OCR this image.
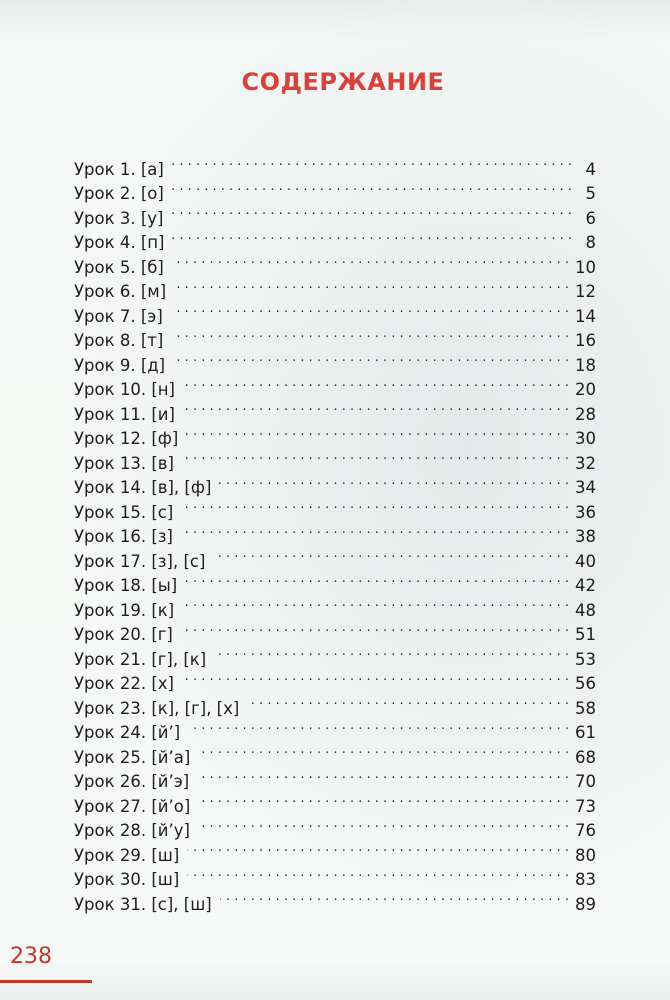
СОДЕРЖАНИЕ
Урок 1. [а] . . .	4
Урок 2. [о] . . .	5
Урок 3. [у] . . .	6
Урок 4. [п] . . .	8
Урок 5. [б] . . .	10
Урок 6. [м] . . .	12
Урок 7. [э] . . .	14
Урок 8. [т] . . .	16
Урок 9. [д] . . .	18
Урок 10. [н] . . .	20
Урок 11. [и] . . .	28
Урок 12. [ф] . . .	30
Урок 13. [в] . . .	32
Урок 14. [в], [ф] . . .	34
Урок 15. [с] . . .	36
Урок 16. [з] . . .	38
Урок 17. [з], [с] . . .	40
Урок 18. [ы] . . .	42
Урок 19. [к] . . .	48
Урок 20. [г] . . .	51
Урок 21. [г], [к] . . .	53
Урок 22. [х] . . .	56
Урок 23. [к], [г], [х] . . .	58
Урок 24. [й’] . . .	61
Урок 25. [й’а] . . .	68
Урок 26. [й’э] . . .	70
Урок 27. [й’о] . . .	73
Урок 28. [й’у] . . .	76
Урок 29. [ш] . . .	80
Урок 30. [ш] . . .	83
Урок 31. [с], [ш] . . .	89
238
